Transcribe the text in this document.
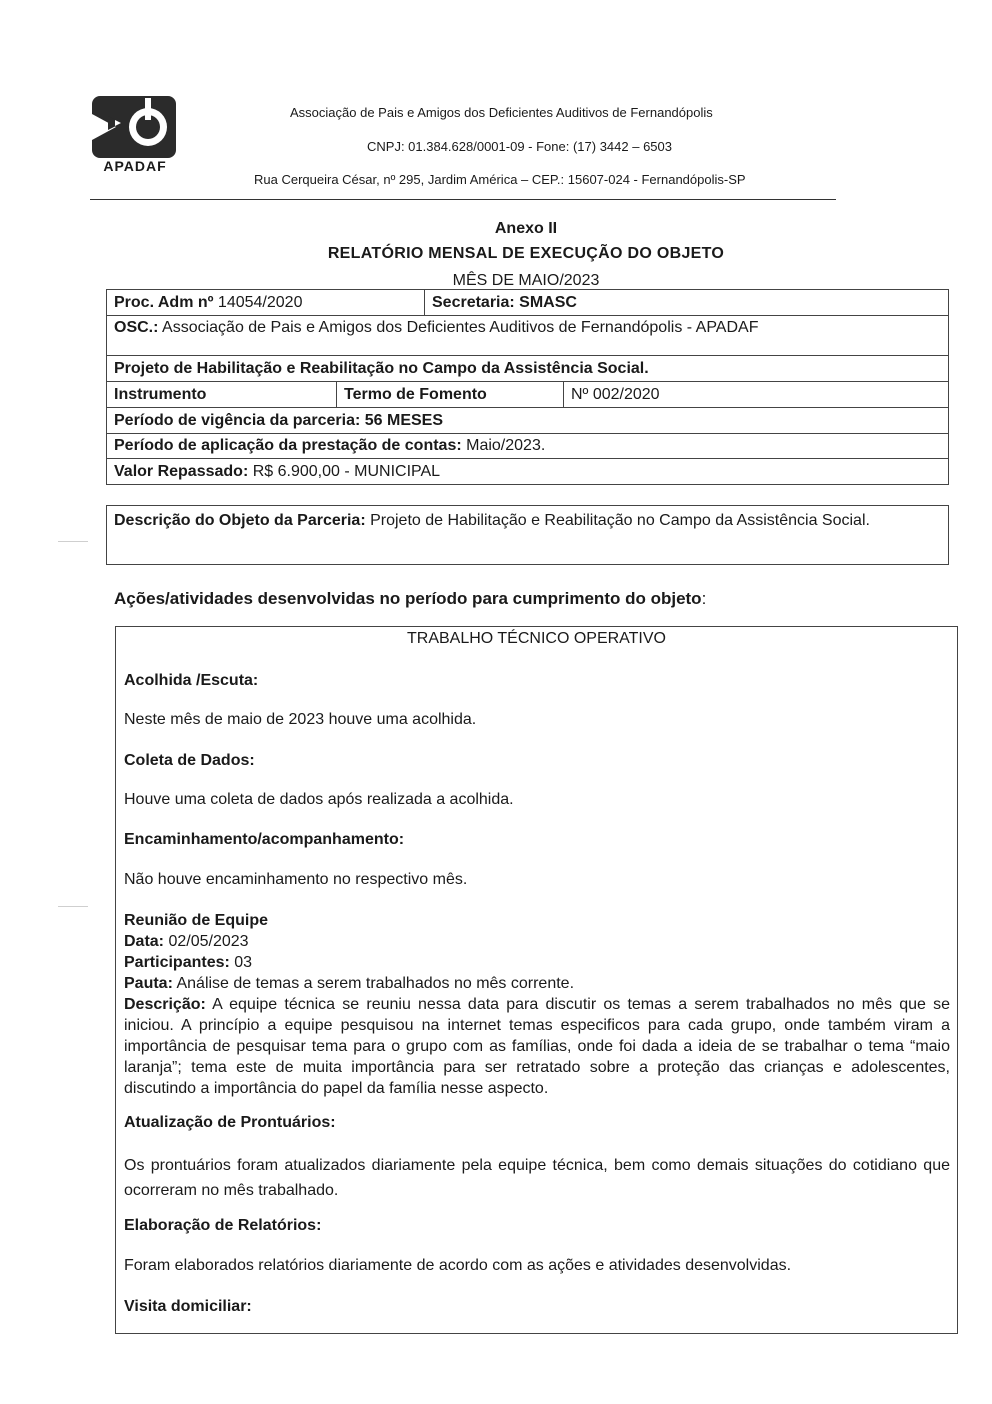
APADAF
Associação de Pais e Amigos dos Deficientes Auditivos de Fernandópolis
CNPJ: 01.384.628/0001-09 - Fone: (17) 3442 – 6503
Rua Cerqueira César, nº 295, Jardim América – CEP.: 15607-024 - Fernandópolis-SP
Anexo II
RELATÓRIO MENSAL DE EXECUÇÃO DO OBJETO
MÊS DE MAIO/2023
Proc. Adm nº 14054/2020	Secretaria: SMASC
OSC.: Associação de Pais e Amigos dos Deficientes Auditivos de Fernandópolis - APADAF
Projeto de Habilitação e Reabilitação no Campo da Assistência Social.
Instrumento	Termo de Fomento	Nº 002/2020
Período de vigência da parceria: 56 MESES
Período de aplicação da prestação de contas: Maio/2023.
Valor Repassado: R$ 6.900,00 - MUNICIPAL
Descrição do Objeto da Parceria: Projeto de Habilitação e Reabilitação no Campo da Assistência Social.
Ações/atividades desenvolvidas no período para cumprimento do objeto:
TRABALHO TÉCNICO OPERATIVO
Acolhida /Escuta:
Neste mês de maio de 2023 houve uma acolhida.
Coleta de Dados:
Houve uma coleta de dados após realizada a acolhida.
Encaminhamento/acompanhamento:
Não houve encaminhamento no respectivo mês.
Reunião de Equipe
Data: 02/05/2023
Participantes: 03
Pauta: Análise de temas a serem trabalhados no mês corrente.
Descrição: A equipe técnica se reuniu nessa data para discutir os temas a serem trabalhados no mês que se iniciou. A princípio a equipe pesquisou na internet temas especificos para cada grupo, onde também viram a importância de pesquisar tema para o grupo com as famílias, onde foi dada a ideia de se trabalhar o tema “maio laranja”; tema este de muita importância para ser retratado sobre a proteção das crianças e adolescentes, discutindo a importância do papel da família nesse aspecto.
Atualização de Prontuários:
Os prontuários foram atualizados diariamente pela equipe técnica, bem como demais situações do cotidiano que ocorreram no mês trabalhado.
Elaboração de Relatórios:
Foram elaborados relatórios diariamente de acordo com as ações e atividades desenvolvidas.
Visita domiciliar:
